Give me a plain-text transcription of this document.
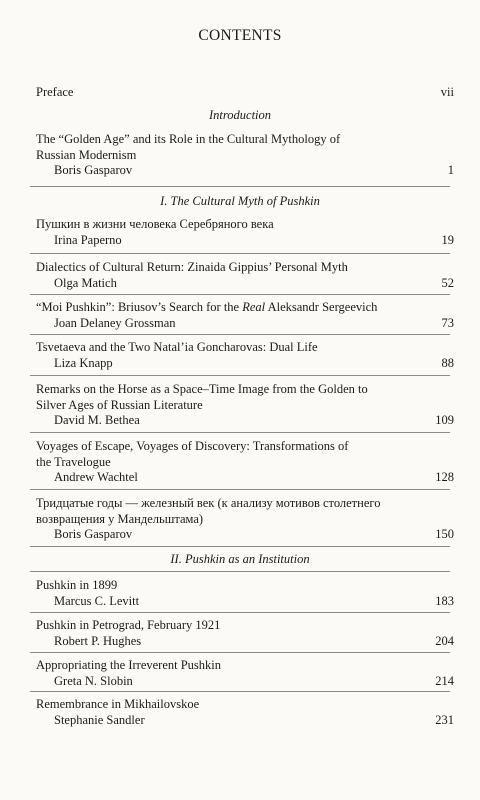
CONTENTS
Preface	vii
Introduction
The “Golden Age” and its Role in the Cultural Mythology of
Russian Modernism
Boris Gasparov	1
I. The Cultural Myth of Pushkin
Пушкин в жизни человека Серебряного века
Irina Paperno	19
Dialectics of Cultural Return: Zinaida Gippius’ Personal Myth
Olga Matich	52
“Moi Pushkin”: Briusov’s Search for the Real Aleksandr Sergeevich
Joan Delaney Grossman	73
Tsvetaeva and the Two Natal’ia Goncharovas: Dual Life
Liza Knapp	88
Remarks on the Horse as a Space–Time Image from the Golden to
Silver Ages of Russian Literature
David M. Bethea	109
Voyages of Escape, Voyages of Discovery: Transformations of
the Travelogue
Andrew Wachtel	128
Тридцатые годы — железный век (к анализу мотивов столетнего
возвращения у Мандельштама)
Boris Gasparov	150
II. Pushkin as an Institution
Pushkin in 1899
Marcus C. Levitt	183
Pushkin in Petrograd, February 1921
Robert P. Hughes	204
Appropriating the Irreverent Pushkin
Greta N. Slobin	214
Remembrance in Mikhailovskoe
Stephanie Sandler	231
